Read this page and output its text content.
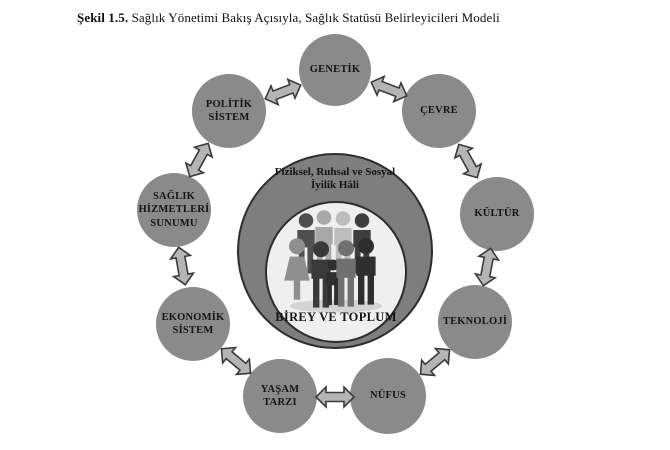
Şekil 1.5. Sağlık Yönetimi Bakış Açısıyla, Sağlık Statüsü Belirleyicileri Modeli
GENETİK
ÇEVRE
KÜLTÜR
TEKNOLOJİ
NÜFUS
YAŞAM TARZI
EKONOMİK SİSTEM
SAĞLIK HİZMETLERİ SUNUMU
POLİTİK SİSTEM
Fiziksel, Ruhsal ve Sosyal
İyilik Hâli
BİREY VE TOPLUM
